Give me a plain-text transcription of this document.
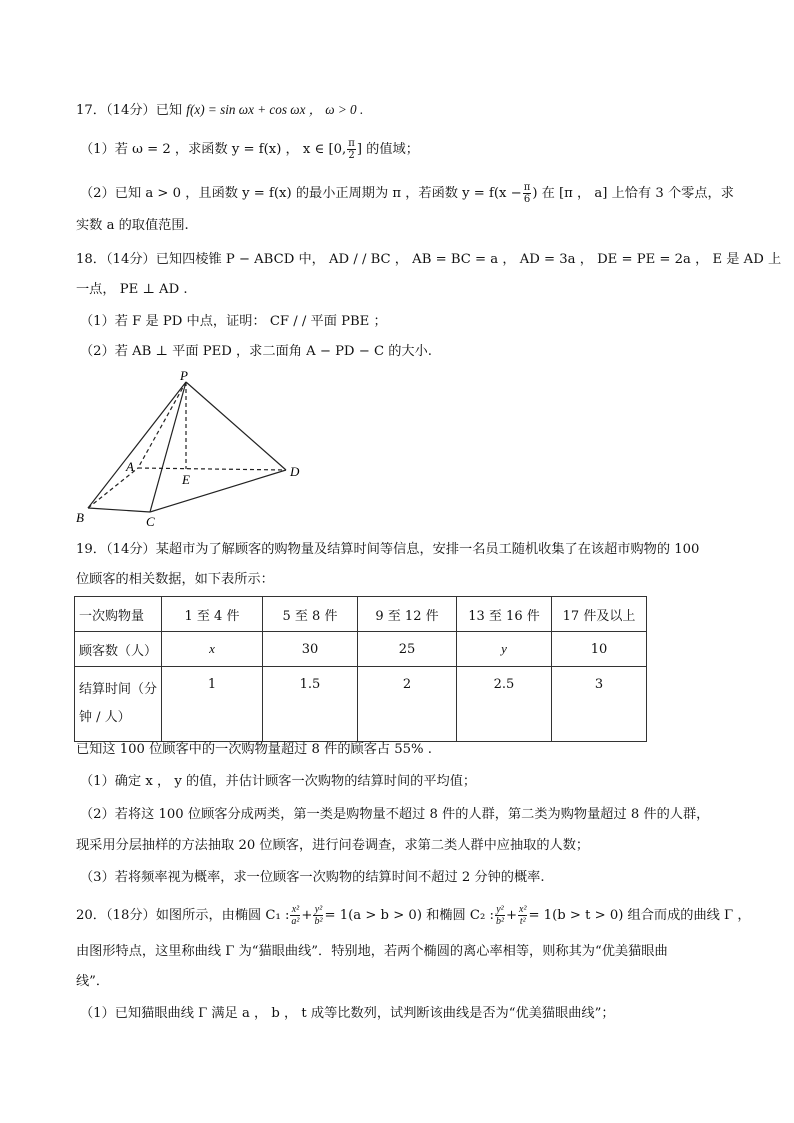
17．（14分）已知 f(x) = sin ωx + cos ωx ， ω > 0 .
（1）若 ω = 2 ，求函数 y = f(x) ， x ∈ [0, $\frac{\pi}{2}$ ] 的值域；
（2）已知 a > 0 ，且函数 y = f(x) 的最小正周期为 π ，若函数 $y = f(x - \frac{\pi}{6}$ ) 在 [π ， a] 上恰有 3 个零点，求
实数 a 的取值范围.
18．（14分）已知四棱锥 P − ABCD 中， AD / / BC ， AB = BC = a ， AD = 3a ， DE = PE = 2a ， E 是 AD 上
一点， PE ⊥ AD .
（1）若 F 是 PD 中点，证明： CF / / 平面 PBE ；
（2）若 AB ⊥ 平面 PED ，求二面角 A − PD − C 的大小.
P
A
E
D
B	C
19．（14分）某超市为了解顾客的购物量及结算时间等信息，安排一名员工随机收集了在该超市购物的 100
位顾客的相关数据，如下表所示：
一次购物量	1 至 4 件	5 至 8 件	9 至 12 件	13 至 16 件	17 件及以上
顾客数（人）	x	30	25	y	10
结算时间（分
钟 / 人）	1	1.5	2	2.5	3
已知这 100 位顾客中的一次购物量超过 8 件的顾客占 55% .
（1）确定 x ， y 的值，并估计顾客一次购物的结算时间的平均值；
（2）若将这 100 位顾客分成两类，第一类是购物量不超过 8 件的人群，第二类为购物量超过 8 件的人群，
现采用分层抽样的方法抽取 20 位顾客，进行问卷调查，求第二类人群中应抽取的人数；
（3）若将频率视为概率，求一位顾客一次购物的结算时间不超过 2 分钟的概率.
20．（18分）如图所示，由椭圆 C₁ : $\frac{\text{x²}}{\text{a²}} + \frac{\text{y²}}{\text{b²}} = 1(a > b > 0)$ 和椭圆 C₂ : $\frac{\text{y²}}{\text{b²}} + \frac{\text{x²}}{\text{t²}} = 1(b > t > 0)$ 组合而成的曲线 Γ ，
由图形特点，这里称曲线 Γ 为“猫眼曲线”．特别地，若两个椭圆的离心率相等，则称其为“优美猫眼曲
线”．
（1）已知猫眼曲线 Γ 满足 a ， b ， t 成等比数列，试判断该曲线是否为“优美猫眼曲线”；
